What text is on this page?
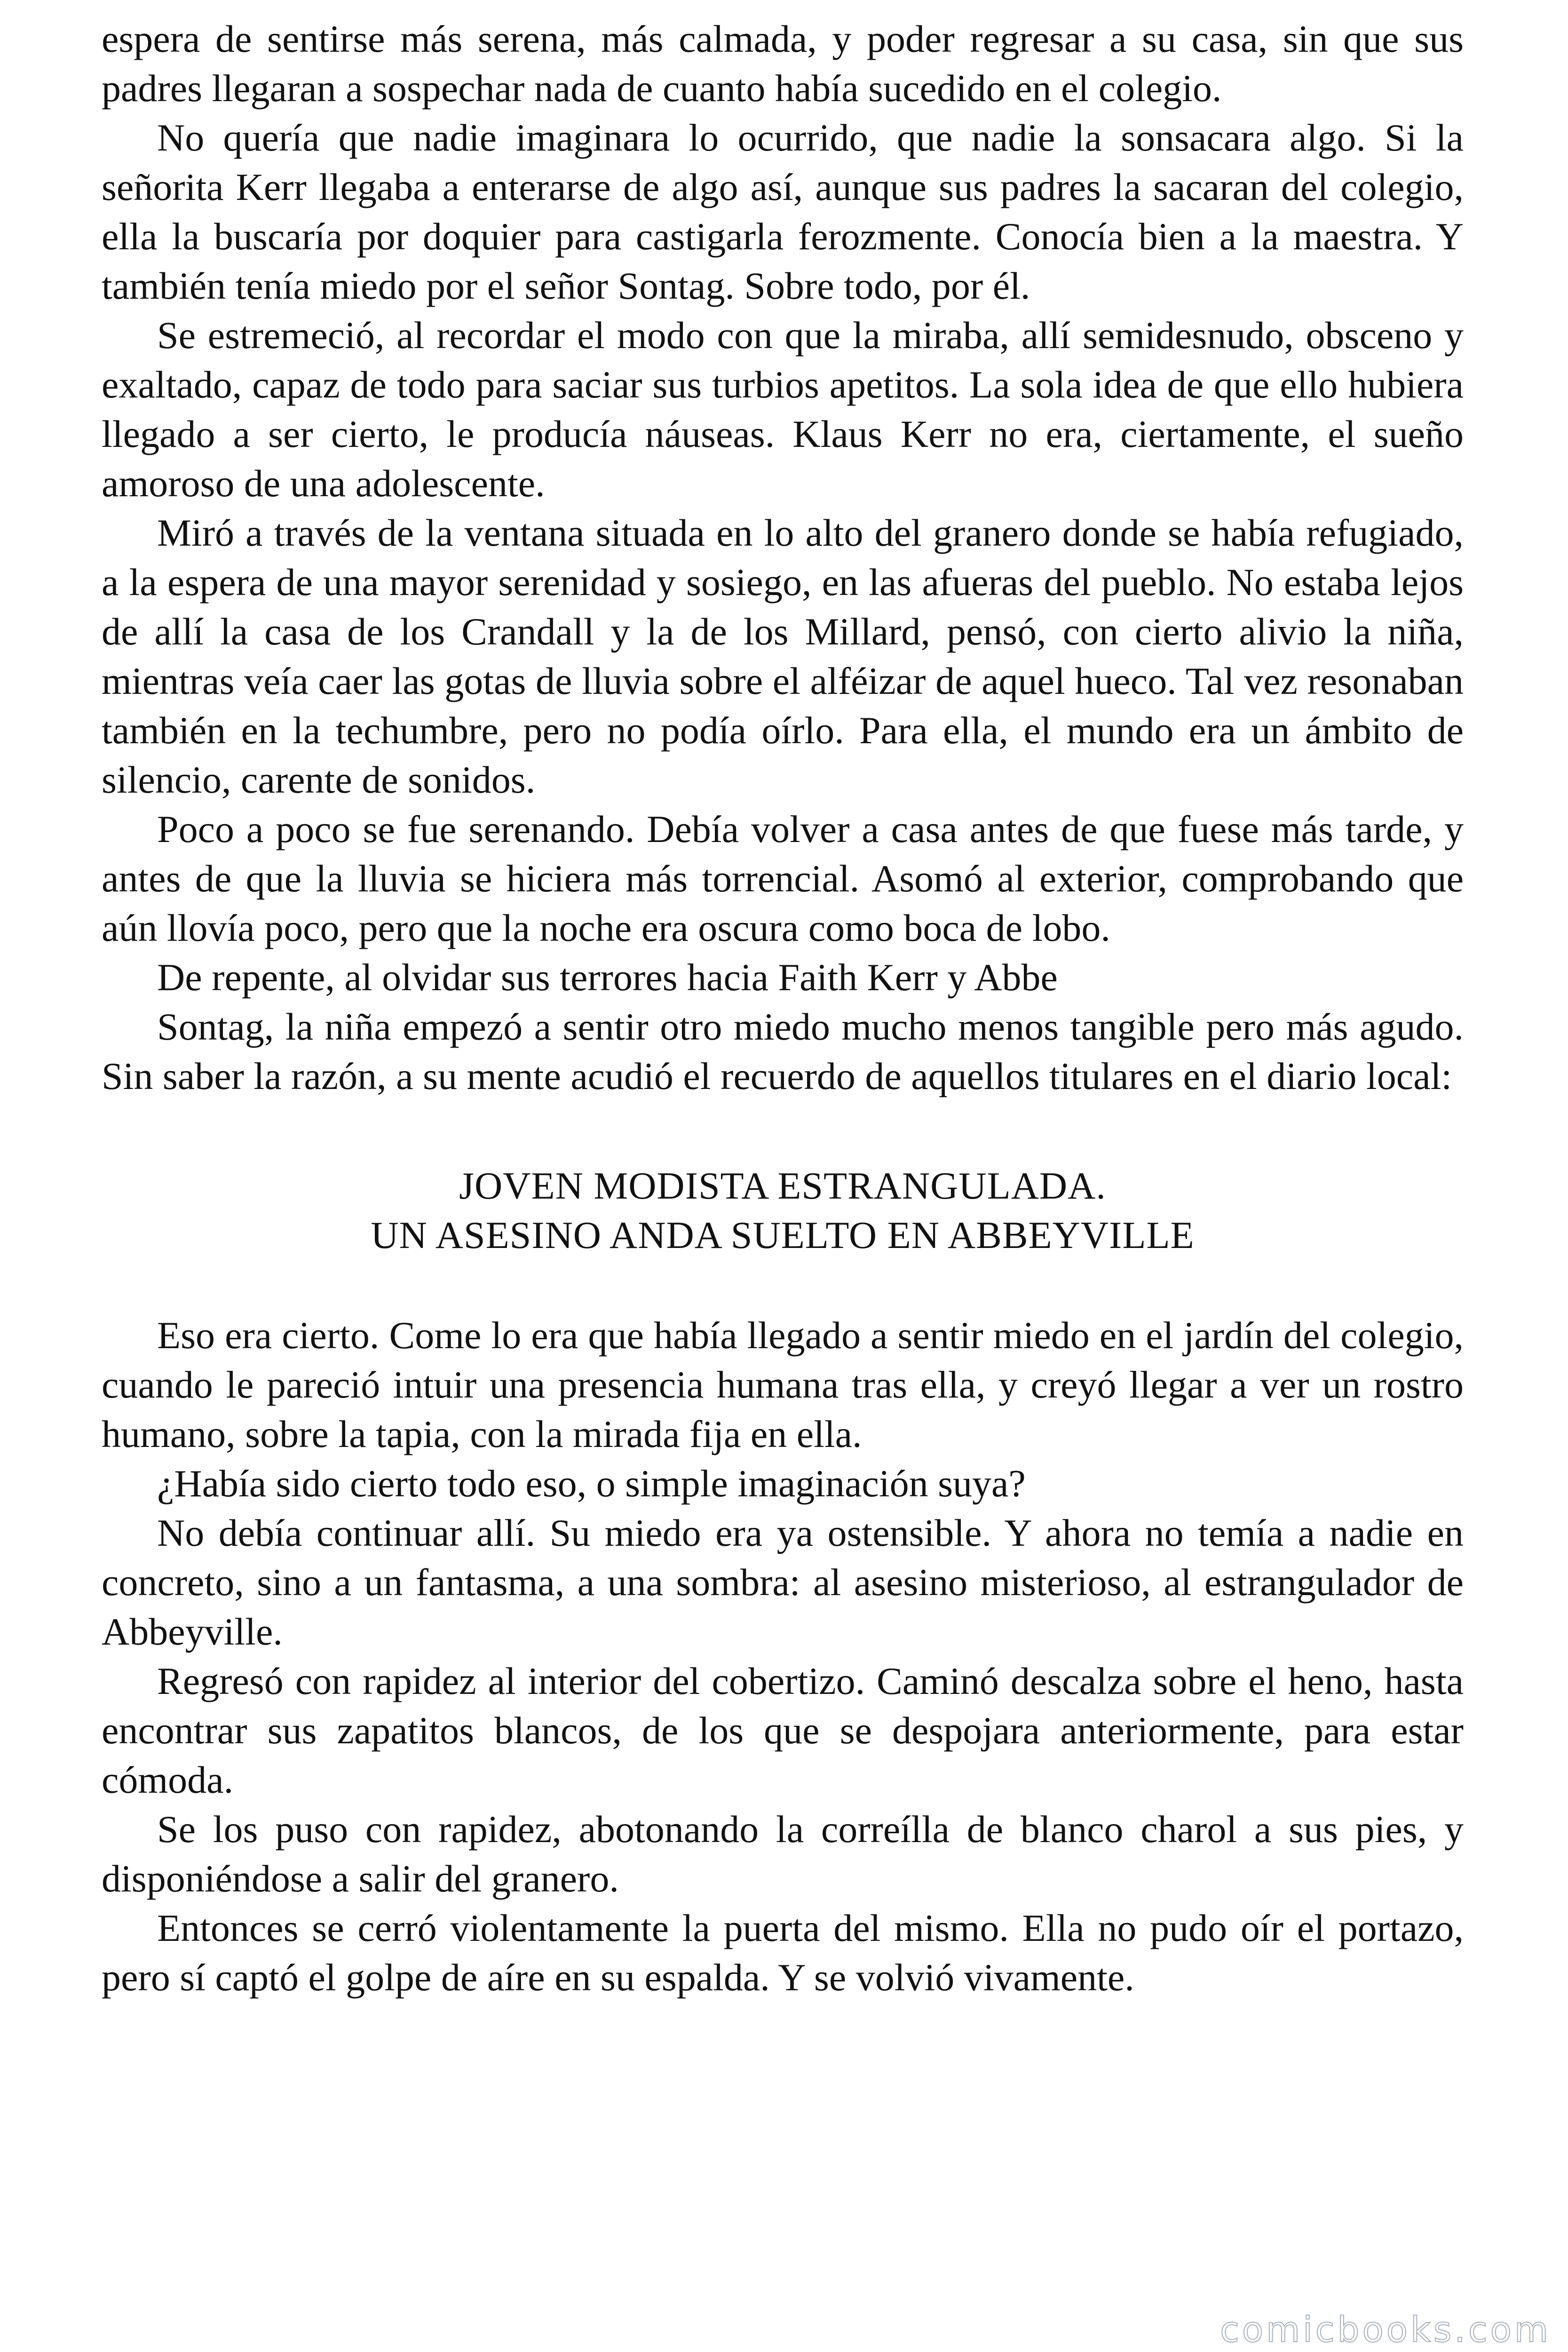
espera de sentirse más serena, más calmada, y poder regresar a su casa, sin que sus padres llegaran a sospechar nada de cuanto había sucedido en el colegio.

No quería que nadie imaginara lo ocurrido, que nadie la sonsacara algo. Si la señorita Kerr llegaba a enterarse de algo así, aunque sus padres la sacaran del colegio, ella la buscaría por doquier para castigarla ferozmente. Conocía bien a la maestra. Y también tenía miedo por el señor Sontag. Sobre todo, por él.

Se estremeció, al recordar el modo con que la miraba, allí semidesnudo, obsceno y exaltado, capaz de todo para saciar sus turbios apetitos. La sola idea de que ello hubiera llegado a ser cierto, le producía náuseas. Klaus Kerr no era, ciertamente, el sueño amoroso de una adolescente.

Miró a través de la ventana situada en lo alto del granero donde se había refugiado, a la espera de una mayor serenidad y sosiego, en las afueras del pueblo. No estaba lejos de allí la casa de los Crandall y la de los Millard, pensó, con cierto alivio la niña, mientras veía caer las gotas de lluvia sobre el alféizar de aquel hueco. Tal vez resonaban también en la techumbre, pero no podía oírlo. Para ella, el mundo era un ámbito de silencio, carente de sonidos.

Poco a poco se fue serenando. Debía volver a casa antes de que fuese más tarde, y antes de que la lluvia se hiciera más torrencial. Asomó al exterior, comprobando que aún llovía poco, pero que la noche era oscura como boca de lobo.

De repente, al olvidar sus terrores hacia Faith Kerr y Abbe

Sontag, la niña empezó a sentir otro miedo mucho menos tangible pero más agudo. Sin saber la razón, a su mente acudió el recuerdo de aquellos titulares en el diario local:

JOVEN MODISTA ESTRANGULADA.
UN ASESINO ANDA SUELTO EN ABBEYVILLE

Eso era cierto. Come lo era que había llegado a sentir miedo en el jardín del colegio, cuando le pareció intuir una presencia humana tras ella, y creyó llegar a ver un rostro humano, sobre la tapia, con la mirada fija en ella.

¿Había sido cierto todo eso, o simple imaginación suya?

No debía continuar allí. Su miedo era ya ostensible. Y ahora no temía a nadie en concreto, sino a un fantasma, a una sombra: al asesino misterioso, al estrangulador de Abbeyville.

Regresó con rapidez al interior del cobertizo. Caminó descalza sobre el heno, hasta encontrar sus zapatitos blancos, de los que se despojara anteriormente, para estar cómoda.

Se los puso con rapidez, abotonando la correílla de blanco charol a sus pies, y disponiéndose a salir del granero.

Entonces se cerró violentamente la puerta del mismo. Ella no pudo oír el portazo, pero sí captó el golpe de aíre en su espalda. Y se volvió vivamente.

comicbooks.com
